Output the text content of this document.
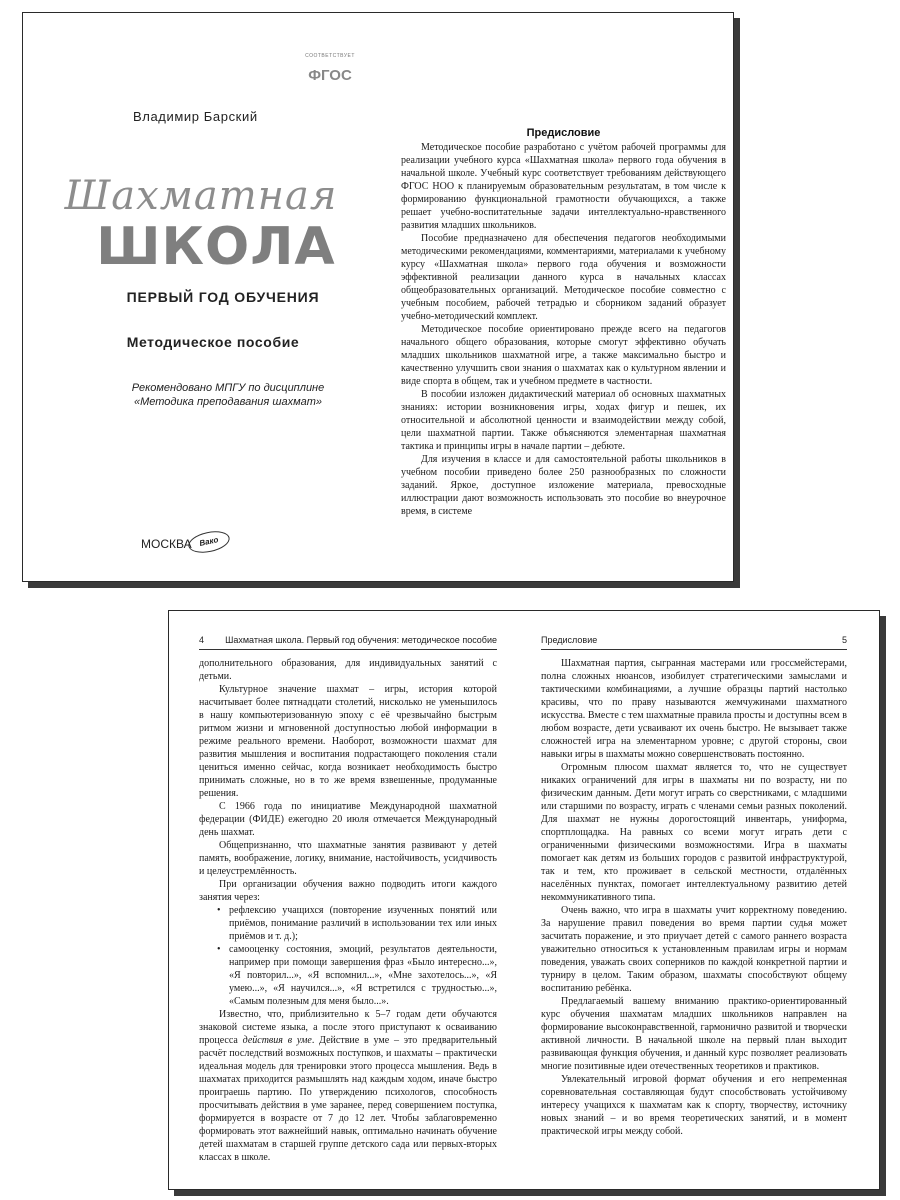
СООТВЕТСТВУЕТ
ФГОС
Владимир Барский
Шахматная
ШКОЛА
ПЕРВЫЙ ГОД ОБУЧЕНИЯ
Методическое пособие
Рекомендовано МПГУ по дисциплине
«Методика преподавания шахмат»
МОСКВА Вако
Предисловие

Методическое пособие разработано с учётом рабочей программы для реализации учебного курса «Шахматная школа» первого года обучения в начальной школе. Учебный курс соответствует требованиям действующего ФГОС НОО к планируемым образовательным результатам, в том числе к формированию функциональной грамотности обучающихся, а также решает учебно-воспитательные задачи интеллектуально-нравственного развития младших школьников.

Пособие предназначено для обеспечения педагогов необходимыми методическими рекомендациями, комментариями, материалами к учебному курсу «Шахматная школа» первого года обучения и возможности эффективной реализации данного курса в начальных классах общеобразовательных организаций. Методическое пособие совместно с учебным пособием, рабочей тетрадью и сборником заданий образует учебно-методический комплект.

Методическое пособие ориентировано прежде всего на педагогов начального общего образования, которые смогут эффективно обучать младших школьников шахматной игре, а также максимально быстро и качественно улучшить свои знания о шахматах как о культурном явлении и виде спорта в общем, так и учебном предмете в частности.

В пособии изложен дидактический материал об основных шахматных знаниях: истории возникновения игры, ходах фигур и пешек, их относительной и абсолютной ценности и взаимодействии между собой, цели шахматной партии. Также объясняются элементарная шахматная тактика и принципы игры в начале партии – дебюте.

Для изучения в классе и для самостоятельной работы школьников в учебном пособии приведено более 250 разнообразных по сложности заданий. Яркое, доступное изложение материала, превосходные иллюстрации дают возможность использовать это пособие во внеурочное время, в системе

4 Шахматная школа. Первый год обучения: методическое пособие	Предисловие	5

дополнительного образования, для индивидуальных занятий с детьми.

Культурное значение шахмат – игры, история которой насчитывает более пятнадцати столетий, нисколько не уменьшилось в нашу компьютеризованную эпоху с её чрезвычайно быстрым ритмом жизни и мгновенной доступностью любой информации в режиме реального времени. Наоборот, возможности шахмат для развития мышления и воспитания подрастающего поколения стали цениться именно сейчас, когда возникает необходимость быстро принимать сложные, но в то же время взвешенные, продуманные решения.

С 1966 года по инициативе Международной шахматной федерации (ФИДЕ) ежегодно 20 июля отмечается Международный день шахмат.

Общепризнанно, что шахматные занятия развивают у детей память, воображение, логику, внимание, настойчивость, усидчивость и целеустремлённость.

При организации обучения важно подводить итоги каждого занятия через:

• рефлексию учащихся (повторение изученных понятий или приёмов, понимание различий в использовании тех или иных приёмов и т. д.);
• самооценку состояния, эмоций, результатов деятельности, например при помощи завершения фраз «Было интересно...», «Я повторил...», «Я вспомнил...», «Мне захотелось...», «Я умею...», «Я научился...», «Я встретился с трудностью...», «Самым полезным для меня было...».

Известно, что, приблизительно к 5–7 годам дети обучаются знаковой системе языка, а после этого приступают к осваиванию процесса действия в уме. Действие в уме – это предварительный расчёт последствий возможных поступков, и шахматы – практически идеальная модель для тренировки этого процесса мышления. Ведь в шахматах приходится размышлять над каждым ходом, иначе быстро проиграешь партию. По утверждению психологов, способность просчитывать действия в уме заранее, перед совершением поступка, формируется в возрасте от 7 до 12 лет. Чтобы заблаговременно формировать этот важнейший навык, оптимально начинать обучение детей шахматам в старшей группе детского сада или первых-вторых классах в школе.

Шахматная партия, сыгранная мастерами или гроссмейстерами, полна сложных нюансов, изобилует стратегическими замыслами и тактическими комбинациями, а лучшие образцы партий настолько красивы, что по праву называются жемчужинами шахматного искусства. Вместе с тем шахматные правила просты и доступны всем в любом возрасте, дети усваивают их очень быстро. Не вызывает также сложностей игра на элементарном уровне; с другой стороны, свои навыки игры в шахматы можно совершенствовать постоянно.

Огромным плюсом шахмат является то, что не существует никаких ограничений для игры в шахматы ни по возрасту, ни по физическим данным. Дети могут играть со сверстниками, с младшими или старшими по возрасту, играть с членами семьи разных поколений. Для шахмат не нужны дорогостоящий инвентарь, униформа, спортплощадка. На равных со всеми могут играть дети с ограниченными физическими возможностями. Игра в шахматы помогает как детям из больших городов с развитой инфраструктурой, так и тем, кто проживает в сельской местности, отдалённых населённых пунктах, помогает интеллектуальному развитию детей некоммуникативного типа.

Очень важно, что игра в шахматы учит корректному поведению. За нарушение правил поведения во время партии судья может засчитать поражение, и это приучает детей с самого раннего возраста уважительно относиться к установленным правилам игры и нормам поведения, уважать своих соперников по каждой конкретной партии и турниру в целом. Таким образом, шахматы способствуют общему воспитанию ребёнка.

Предлагаемый вашему вниманию практико-ориентированный курс обучения шахматам младших школьников направлен на формирование высоконравственной, гармонично развитой и творчески активной личности. В начальной школе на первый план выходит развивающая функция обучения, и данный курс позволяет реализовать многие позитивные идеи отечественных теоретиков и практиков.

Увлекательный игровой формат обучения и его непременная соревновательная составляющая будут способствовать устойчивому интересу учащихся к шахматам как к спорту, творчеству, источнику новых знаний – и во время теоретических занятий, и в момент практической игры между собой.
